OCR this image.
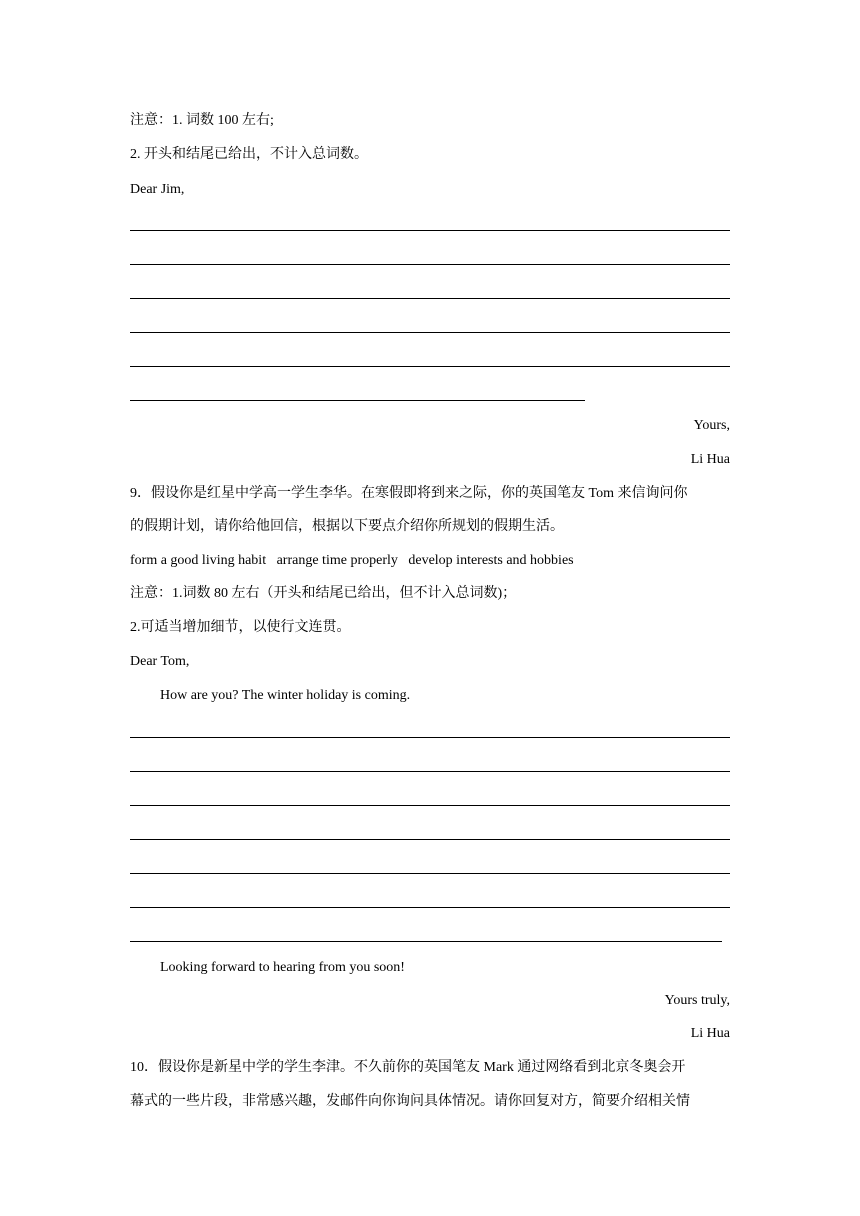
注意：1. 词数 100 左右;
2. 开头和结尾已给出，不计入总词数。
Dear Jim,
Yours,
Li Hua
9．假设你是红星中学高一学生李华。在寒假即将到来之际，你的英国笔友 Tom 来信询问你
的假期计划，请你给他回信，根据以下要点介绍你所规划的假期生活。
form a good living habit   arrange time properly   develop interests and hobbies
注意：1.词数 80 左右（开头和结尾已给出，但不计入总词数)；
2.可适当增加细节，以使行文连贯。
Dear Tom,
How are you? The winter holiday is coming.
Looking forward to hearing from you soon!
Yours truly,
Li Hua
10．假设你是新星中学的学生李津。不久前你的英国笔友 Mark 通过网络看到北京冬奥会开
幕式的一些片段，非常感兴趣，发邮件向你询问具体情况。请你回复对方，简要介绍相关情
